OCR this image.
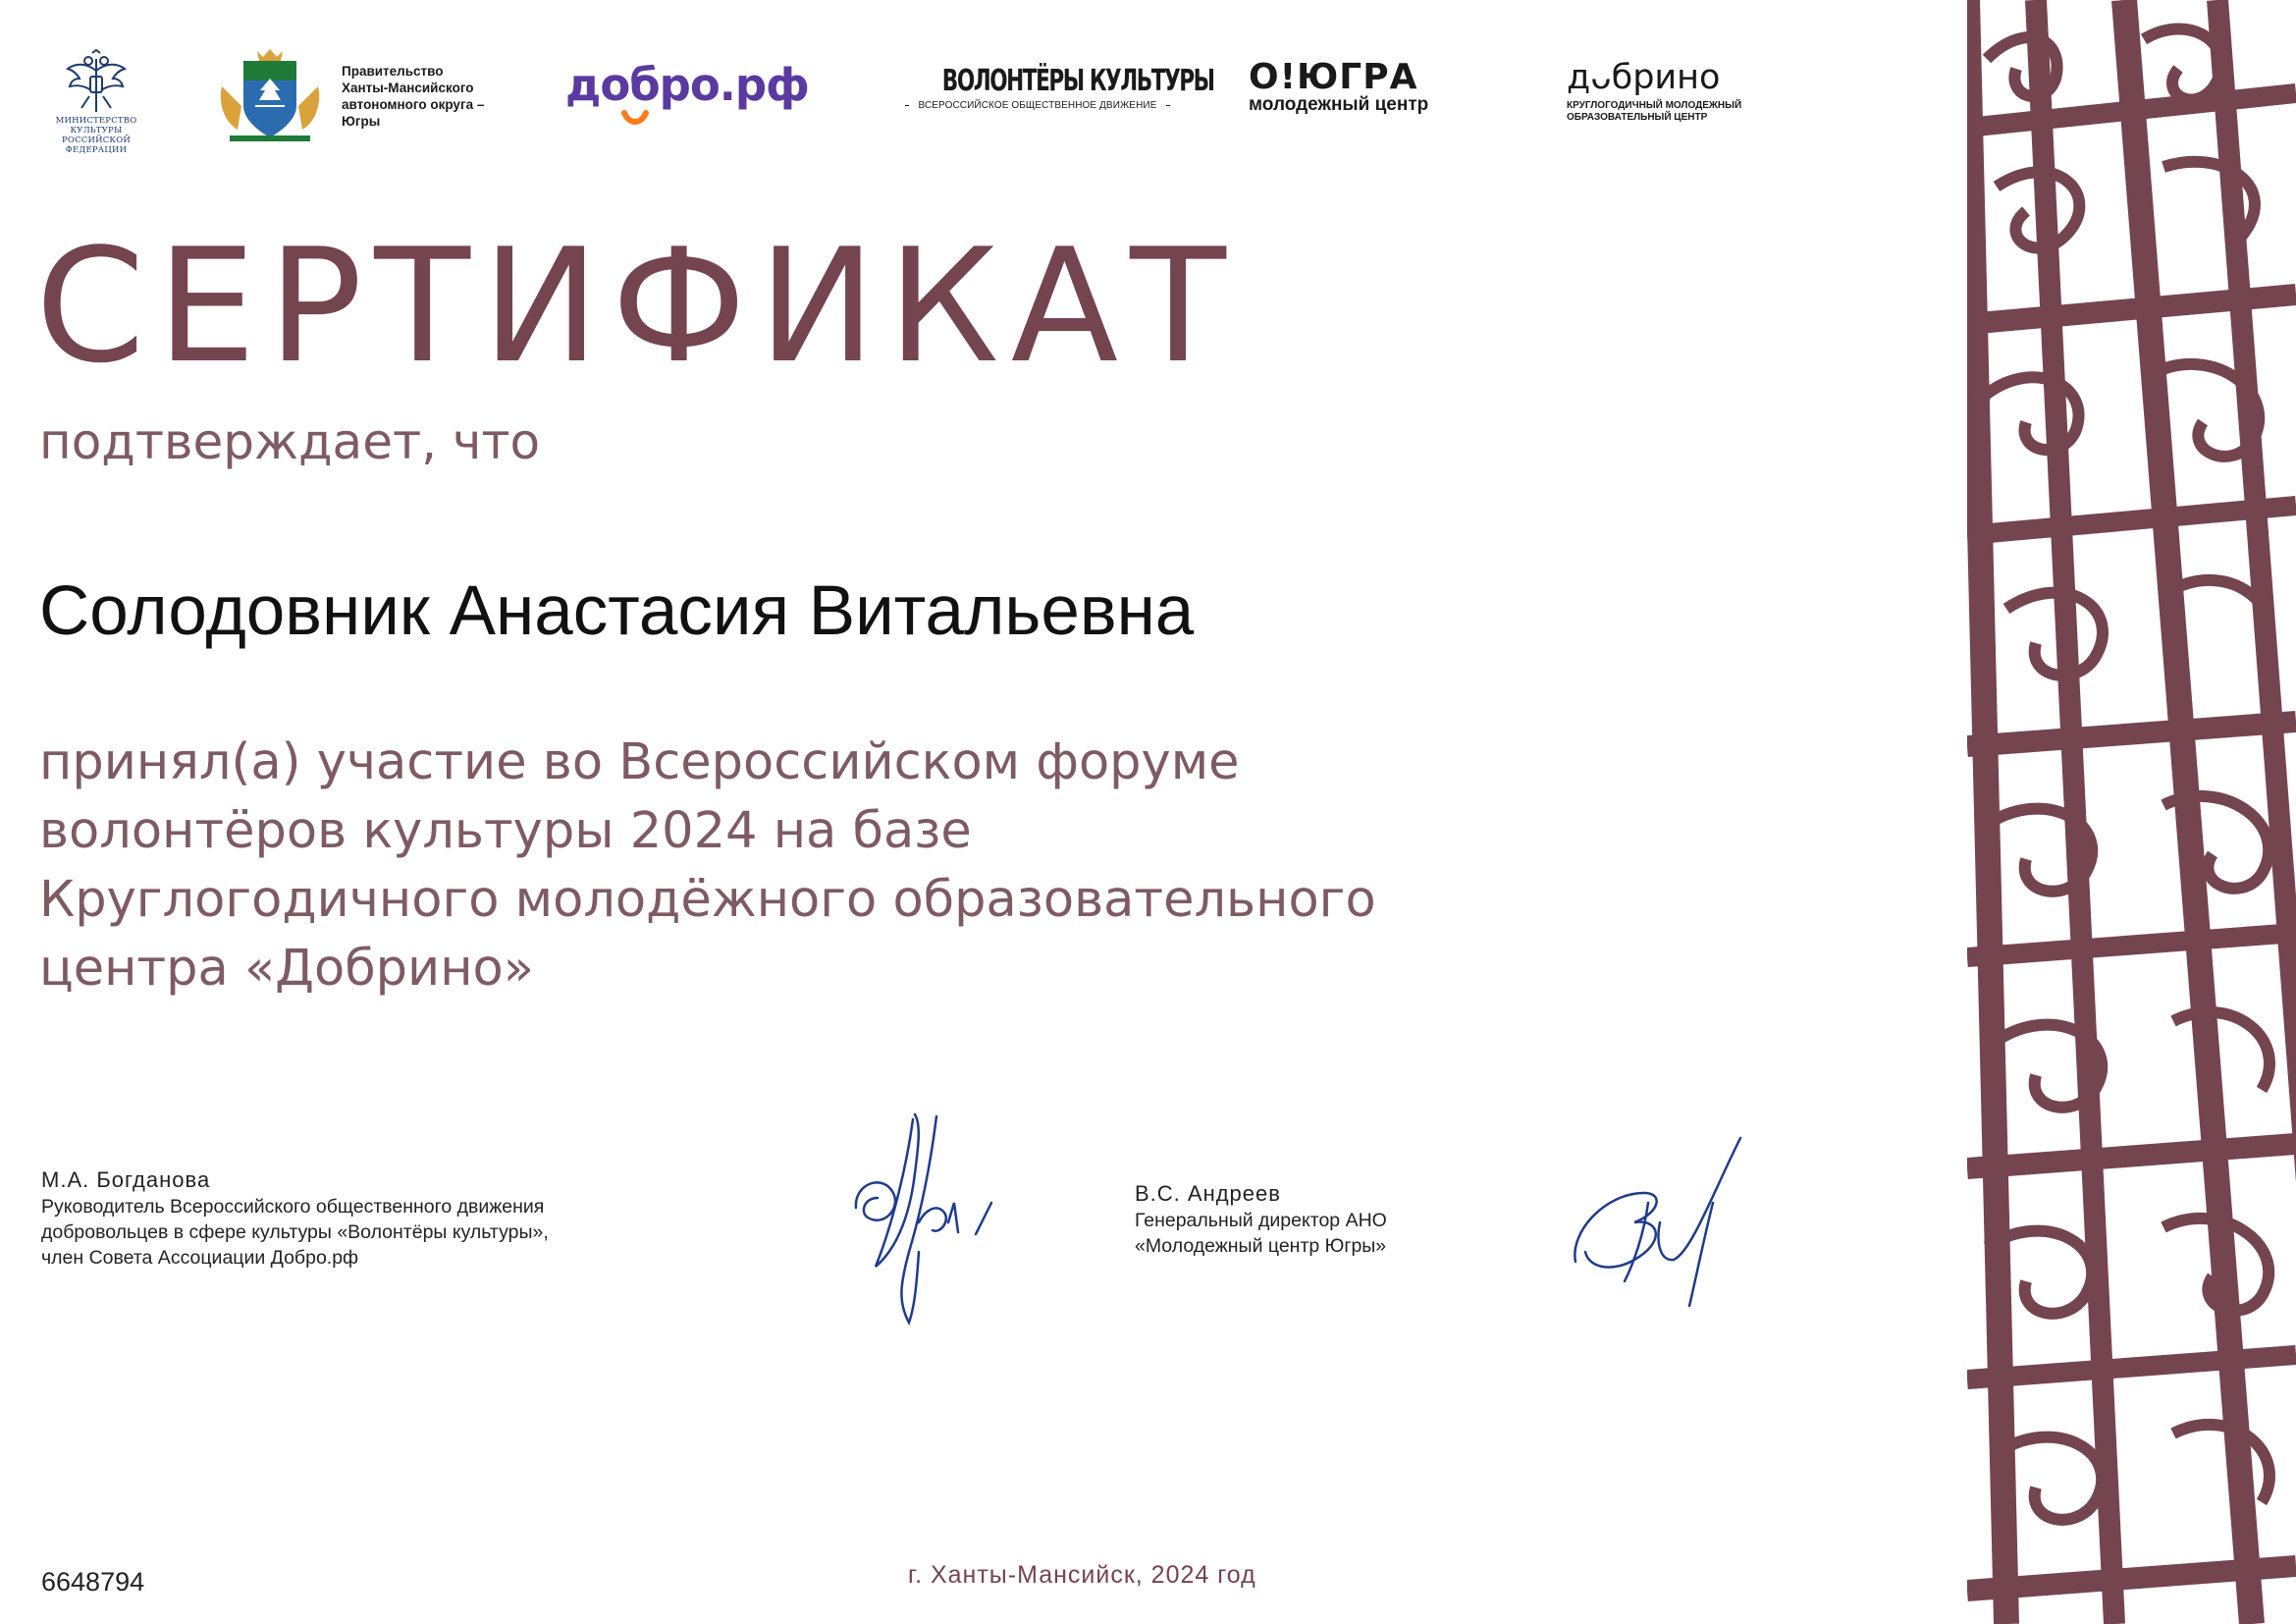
МИНИСТЕРСТВО КУЛЬТУРЫ
РОССИЙСКОЙ ФЕДЕРАЦИИ
Правительство
Ханты-Мансийского
автономного округа –
Югры
добро.рф	ВОЛОНТЁРЫ КУЛЬТУРЫ
ВСЕРОССИЙСКОЕ ОБЩЕСТВЕННОЕ ДВИЖЕНИЕ
О!ЮГРА
молодежный центр
дᴗбрино
КРУГЛОГОДИЧНЫЙ МОЛОДЕЖНЫЙ
ОБРАЗОВАТЕЛЬНЫЙ ЦЕНТР
СЕРТИФИКАТ
подтверждает, что
Солодовник Анастасия Витальевна
принял(а) участие во Всероссийском форуме
волонтёров культуры 2024 на базе
Круглогодичного молодёжного образовательного
центра «Добрино»
М.А. Богданова
Руководитель Всероссийского общественного движения
добровольцев в сфере культуры «Волонтёры культуры»,
член Совета Ассоциации Добро.рф
В.С. Андреев
Генеральный директор АНО
«Молодежный центр Югры»
6648794	г. Ханты-Мансийск, 2024 год
